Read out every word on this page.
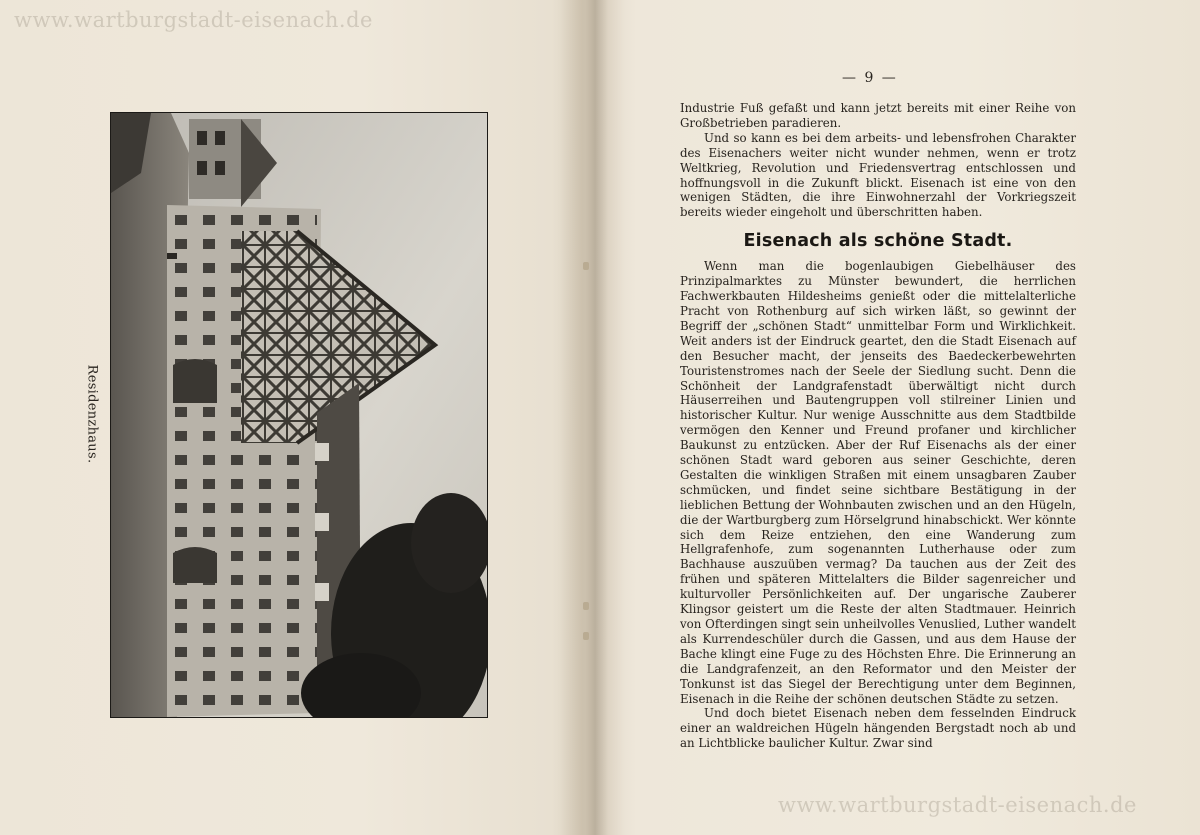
www.wartburgstadt-eisenach.de
www.wartburgstadt-eisenach.de
Residenzhaus.
— 9 —

Industrie Fuß gefaßt und kann jetzt bereits mit einer Reihe von Großbetrieben paradieren.

Und so kann es bei dem arbeits- und lebensfrohen Charakter des Eisenachers weiter nicht wunder nehmen, wenn er trotz Weltkrieg, Revolution und Friedensvertrag entschlossen und hoffnungsvoll in die Zukunft blickt. Eisenach ist eine von den wenigen Städten, die ihre Einwohnerzahl der Vorkriegszeit bereits wieder eingeholt und überschritten haben.

Eisenach als schöne Stadt.

Wenn man die bogenlaubigen Giebelhäuser des Prinzipalmarktes zu Münster bewundert, die herrlichen Fachwerkbauten Hildesheims genießt oder die mittelalterliche Pracht von Rothenburg auf sich wirken läßt, so gewinnt der Begriff der „schönen Stadt“ unmittelbar Form und Wirklichkeit. Weit anders ist der Eindruck geartet, den die Stadt Eisenach auf den Besucher macht, der jenseits des Baedeckerbewehrten Touristenstromes nach der Seele der Siedlung sucht. Denn die Schönheit der Landgrafenstadt überwältigt nicht durch Häuserreihen und Bautengruppen voll stilreiner Linien und historischer Kultur. Nur wenige Ausschnitte aus dem Stadtbilde vermögen den Kenner und Freund profaner und kirchlicher Baukunst zu entzücken. Aber der Ruf Eisenachs als der einer schönen Stadt ward geboren aus seiner Geschichte, deren Gestalten die winkligen Straßen mit einem unsagbaren Zauber schmücken, und findet seine sichtbare Bestätigung in der lieblichen Bettung der Wohnbauten zwischen und an den Hügeln, die der Wartburgberg zum Hörselgrund hinabschickt. Wer könnte sich dem Reize entziehen, den eine Wanderung zum Hellgrafenhofe, zum sogenannten Lutherhause oder zum Bachhause auszuüben vermag? Da tauchen aus der Zeit des frühen und späteren Mittelalters die Bilder sagenreicher und kulturvoller Persönlichkeiten auf. Der ungarische Zauberer Klingsor geistert um die Reste der alten Stadtmauer. Heinrich von Ofterdingen singt sein unheilvolles Venuslied, Luther wandelt als Kurrendeschüler durch die Gassen, und aus dem Hause der Bache klingt eine Fuge zu des Höchsten Ehre. Die Erinnerung an die Landgrafenzeit, an den Reformator und den Meister der Tonkunst ist das Siegel der Berechtigung unter dem Beginnen, Eisenach in die Reihe der schönen deutschen Städte zu setzen.

Und doch bietet Eisenach neben dem fesselnden Eindruck einer an waldreichen Hügeln hängenden Bergstadt noch ab und an Lichtblicke baulicher Kultur. Zwar sind
